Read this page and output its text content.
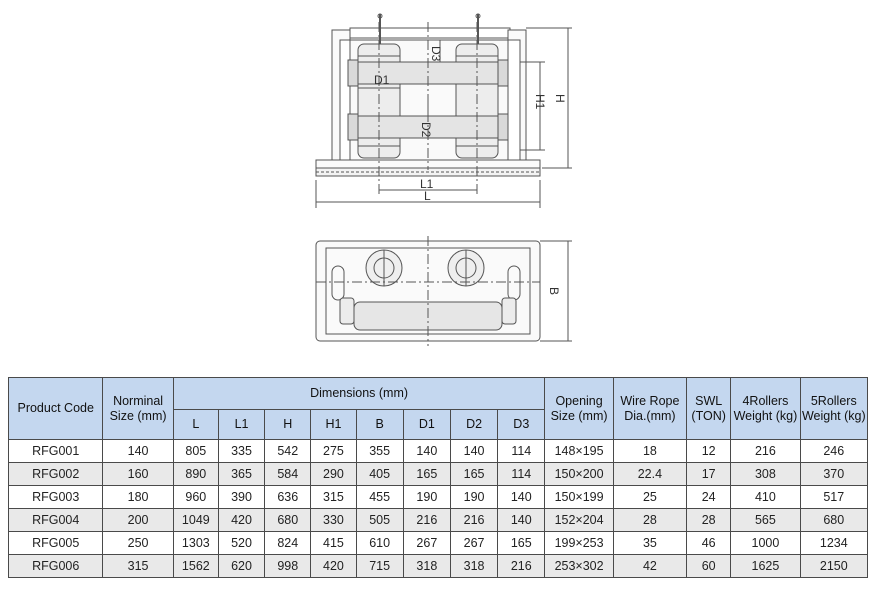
D1
D2
D3
L1
L
H1 H
B
Product Code	Norminal Size (mm)	Dimensions (mm)								Opening Size (mm)	Wire Rope Dia.(mm)	SWL (TON)	4Rollers Weight (kg)	5Rollers Weight (kg)
		L	L1	H	H1	B	D1	D2	D3					
RFG001	140	805	335	542	275	355	140	140	114	148×195	18	12	216	246
RFG002	160	890	365	584	290	405	165	165	114	150×200	22.4	17	308	370
RFG003	180	960	390	636	315	455	190	190	140	150×199	25	24	410	517
RFG004	200	1049	420	680	330	505	216	216	140	152×204	28	28	565	680
RFG005	250	1303	520	824	415	610	267	267	165	199×253	35	46	1000	1234
RFG006	315	1562	620	998	420	715	318	318	216	253×302	42	60	1625	2150
